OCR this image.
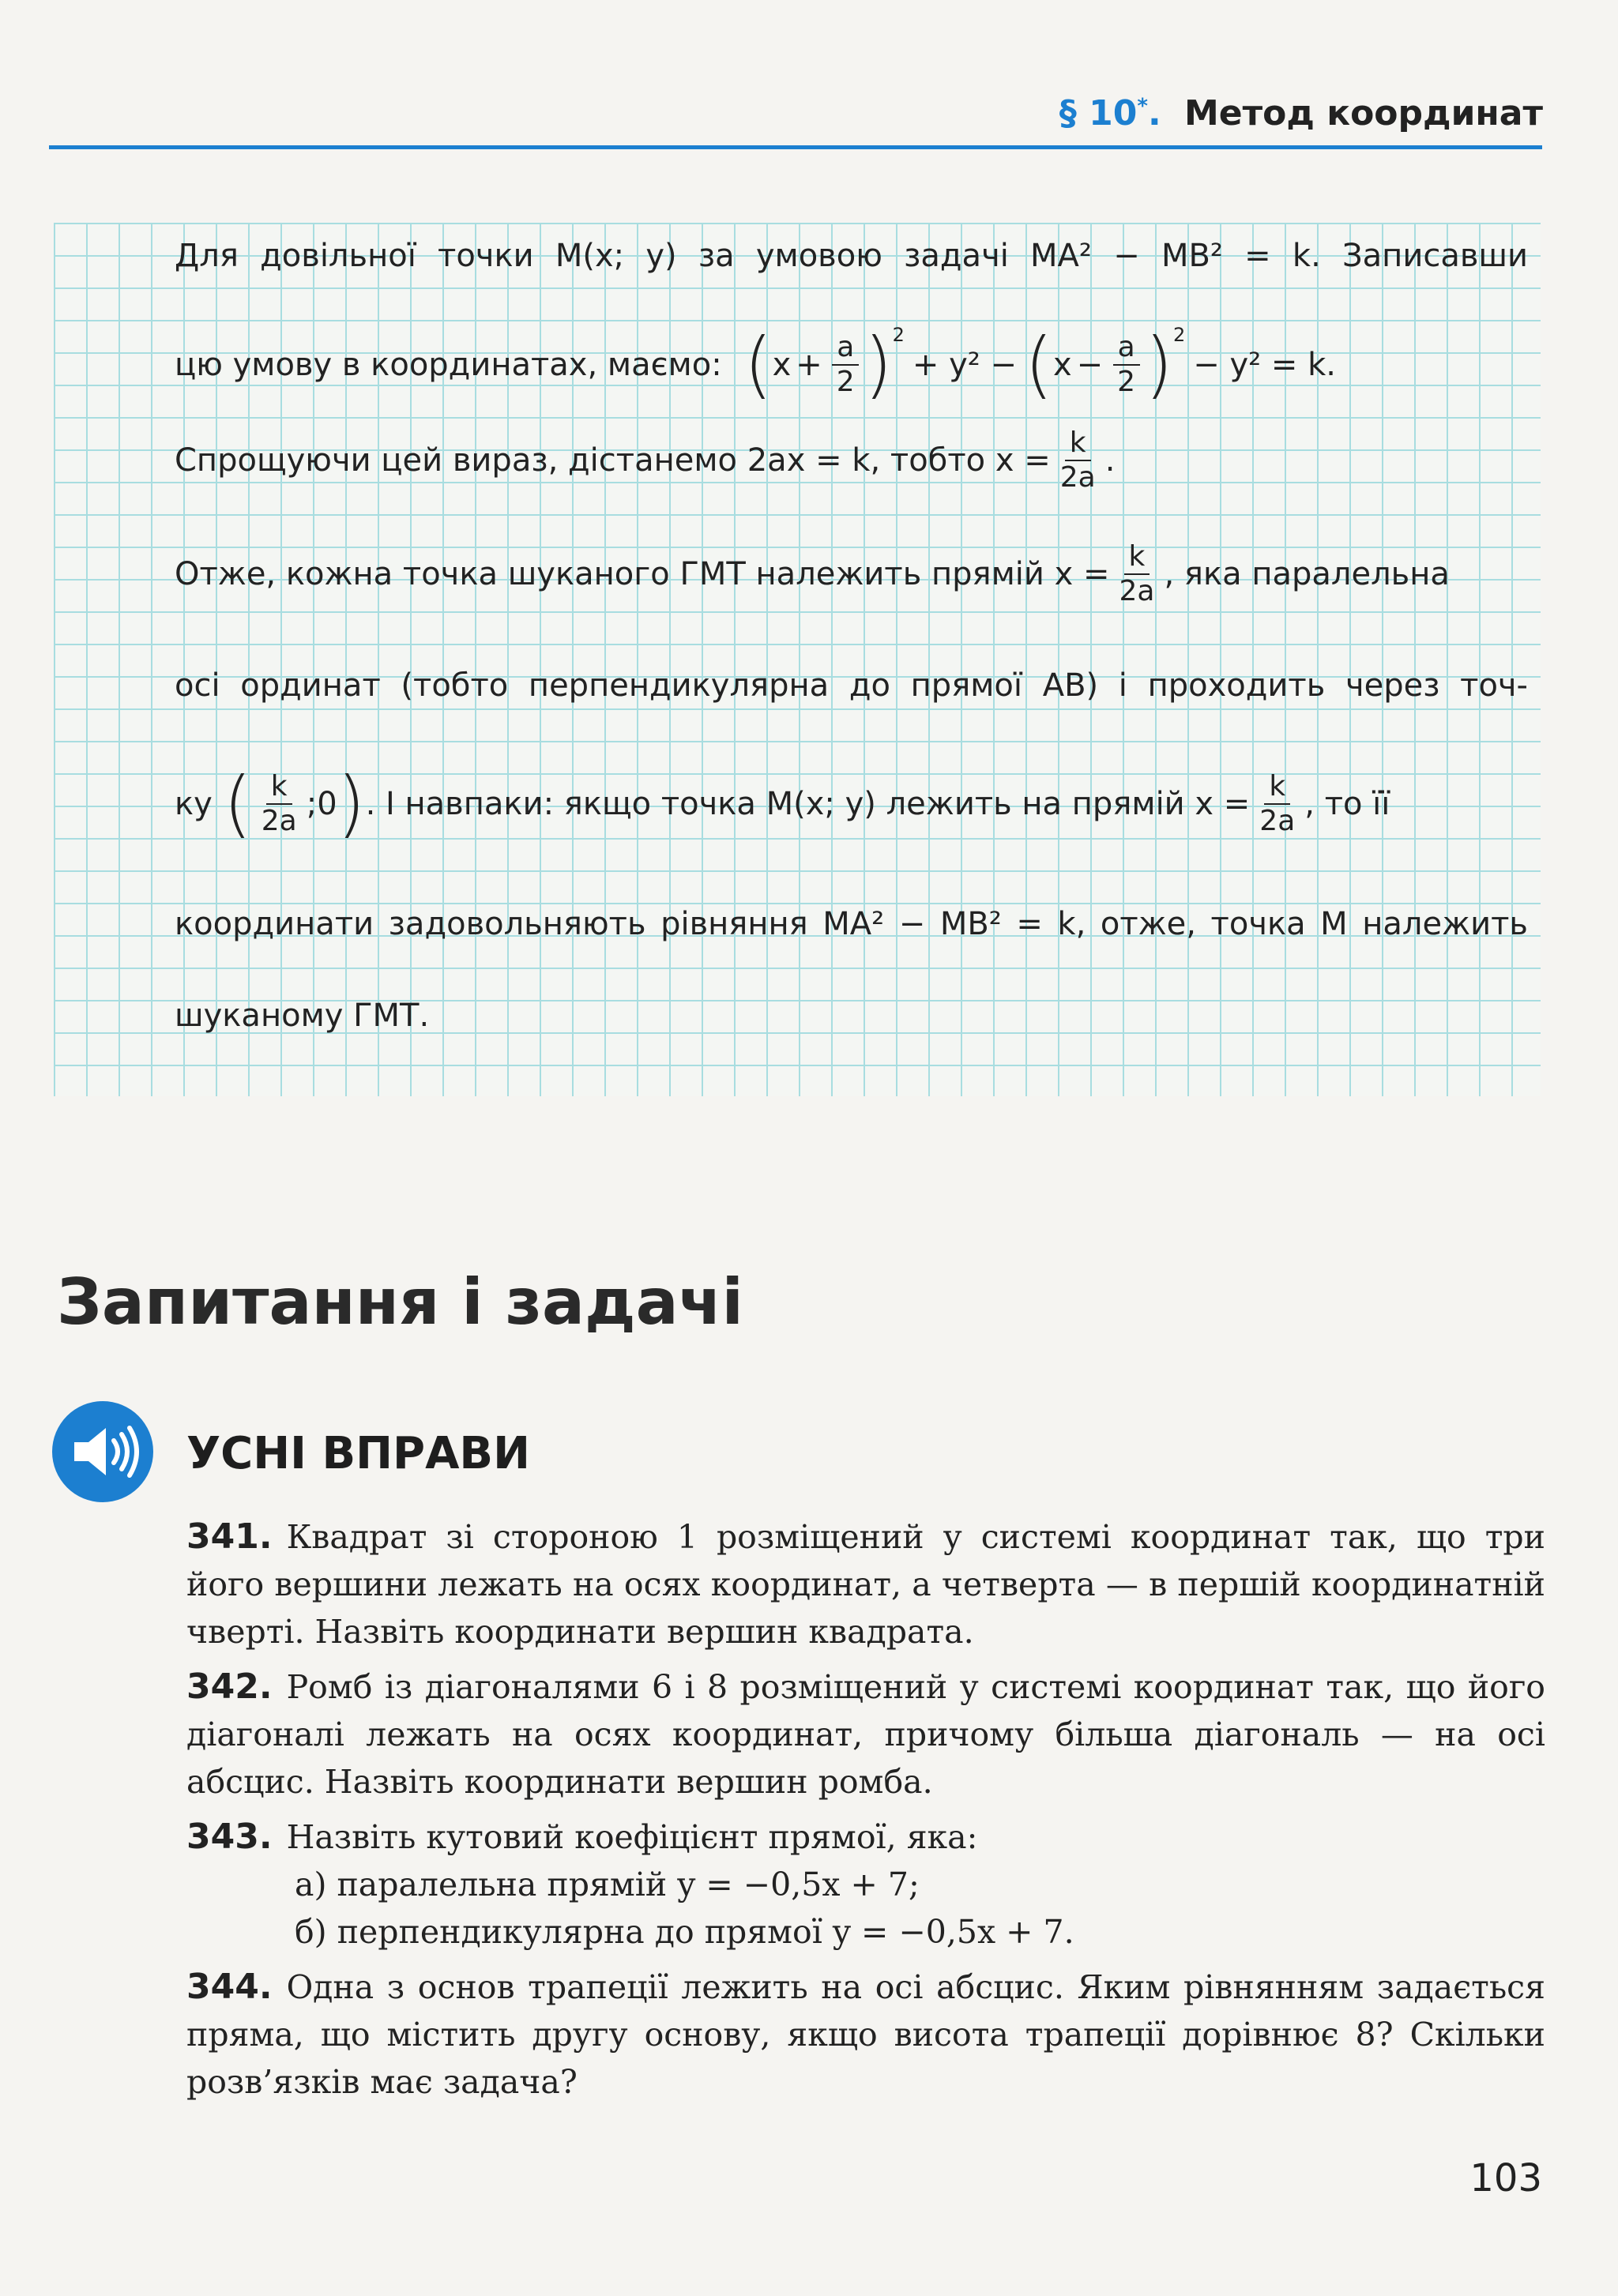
§ 10*. Метод координат
Для довільної точки M(x; y) за умовою задачі MA² − MB² = k. Записавши
цю умову в координатах, маємо: ( $x + \frac{a}{2} )^2$
+ y² − ( $x - \frac{a}{2} )^2$
− y² = k.
Спрощуючи цей вираз, дістанемо 2ax = k, тобто $x = \frac{k}{2a}$ .
Отже, кожна точка шуканого ГМТ належить прямій $x = \frac{k}{2a}$ , яка паралельна
осі ординат (тобто перпендикулярна до прямої AB) і проходить через точ-
ку ( $\frac{k}{2a}$ ;0 ) . І навпаки: якщо точка M(x; y) лежить на прямій $x = \frac{k}{2a}$ , то її
координати задовольняють рівняння MA² − MB² = k, отже, точка M належить
шуканому ГМТ.
Запитання і задачі
УСНІ ВПРАВИ
341. Квадрат зі стороною 1 розміщений у системі координат так, що три його вершини лежать на осях координат, а четверта — в першій координатній чверті. Назвіть координати вершин квадрата.
342. Ромб із діагоналями 6 і 8 розміщений у системі координат так, що його діагоналі лежать на осях координат, причому більша діагональ — на осі абсцис. Назвіть координати вершин ромба.
343. Назвіть кутовий коефіцієнт прямої, яка:
а) паралельна прямій y = −0,5x + 7;
б) перпендикулярна до прямої y = −0,5x + 7.
344. Одна з основ трапеції лежить на осі абсцис. Яким рівнянням задається пряма, що містить другу основу, якщо висота трапеції дорівнює 8? Скільки розв’язків має задача?
103
